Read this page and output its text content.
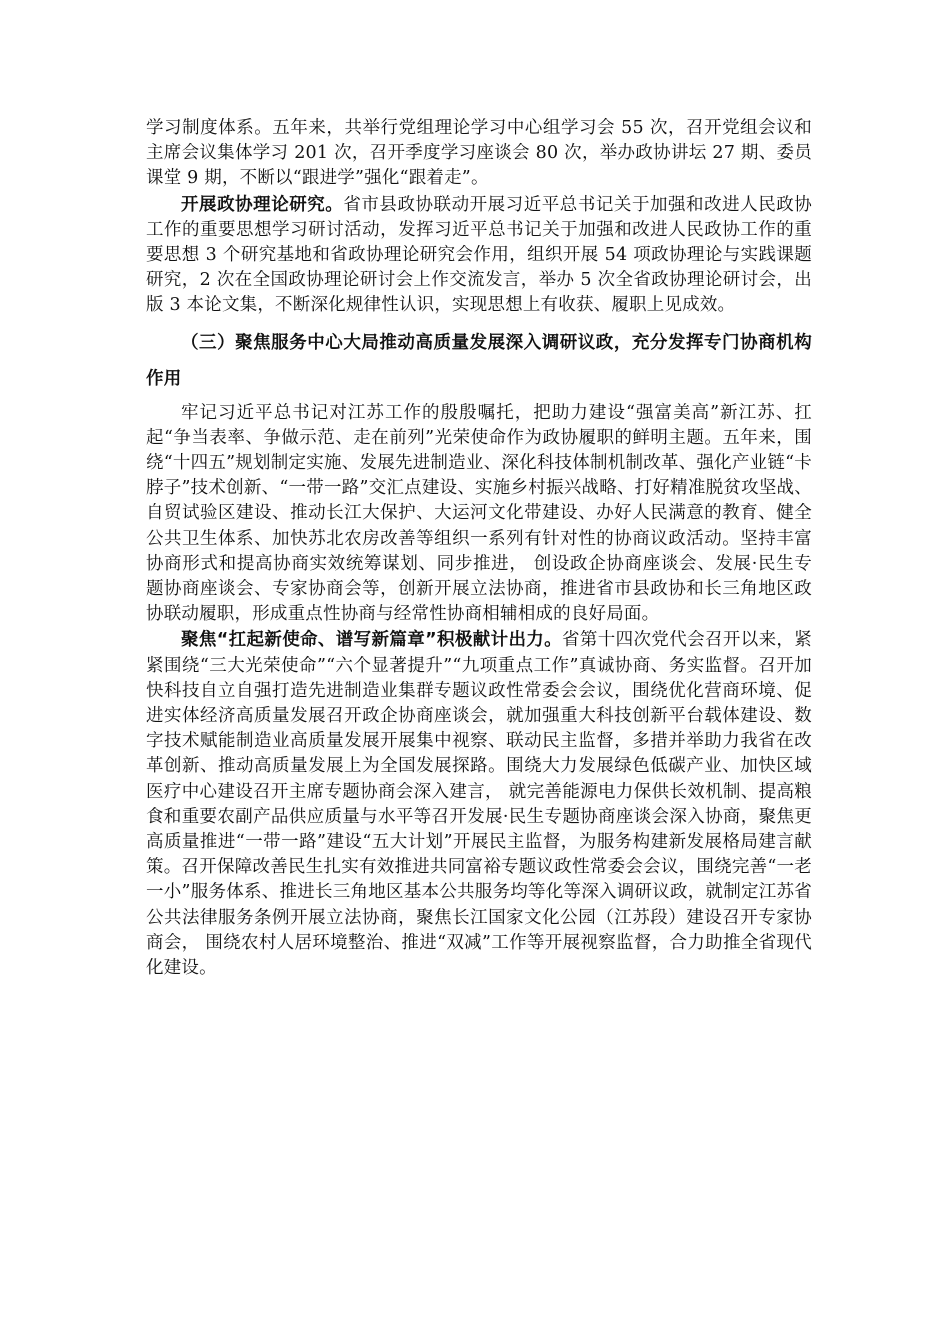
学习制度体系。五年来，共举行党组理论学习中心组学习会 55 次，召开党组会议和主席会议集体学习 201 次，召开季度学习座谈会 80 次，举办政协讲坛 27 期、委员课堂 9 期，不断以“跟进学”强化“跟着走”。

开展政协理论研究。省市县政协联动开展习近平总书记关于加强和改进人民政协工作的重要思想学习研讨活动，发挥习近平总书记关于加强和改进人民政协工作的重要思想 3 个研究基地和省政协理论研究会作用，组织开展 54 项政协理论与实践课题研究，2 次在全国政协理论研讨会上作交流发言，举办 5 次全省政协理论研讨会，出版 3 本论文集，不断深化规律性认识，实现思想上有收获、履职上见成效。

（三）聚焦服务中心大局推动高质量发展深入调研议政，充分发挥专门协商机构作用

牢记习近平总书记对江苏工作的殷殷嘱托，把助力建设“强富美高”新江苏、扛起“争当表率、争做示范、走在前列”光荣使命作为政协履职的鲜明主题。五年来，围绕“十四五”规划制定实施、发展先进制造业、深化科技体制机制改革、强化产业链“卡脖子”技术创新、“一带一路”交汇点建设、实施乡村振兴战略、打好精准脱贫攻坚战、自贸试验区建设、推动长江大保护、大运河文化带建设、办好人民满意的教育、健全公共卫生体系、加快苏北农房改善等组织一系列有针对性的协商议政活动。坚持丰富协商形式和提高协商实效统筹谋划、同步推进， 创设政企协商座谈会、发展·民生专题协商座谈会、专家协商会等，创新开展立法协商，推进省市县政协和长三角地区政协联动履职，形成重点性协商与经常性协商相辅相成的良好局面。

聚焦“扛起新使命、谱写新篇章”积极献计出力。省第十四次党代会召开以来，紧紧围绕“三大光荣使命”“六个显著提升”“九项重点工作”真诚协商、务实监督。召开加快科技自立自强打造先进制造业集群专题议政性常委会会议，围绕优化营商环境、促进实体经济高质量发展召开政企协商座谈会，就加强重大科技创新平台载体建设、数字技术赋能制造业高质量发展开展集中视察、联动民主监督，多措并举助力我省在改革创新、推动高质量发展上为全国发展探路。围绕大力发展绿色低碳产业、加快区域医疗中心建设召开主席专题协商会深入建言， 就完善能源电力保供长效机制、提高粮食和重要农副产品供应质量与水平等召开发展·民生专题协商座谈会深入协商，聚焦更高质量推进“一带一路”建设“五大计划”开展民主监督，为服务构建新发展格局建言献策。召开保障改善民生扎实有效推进共同富裕专题议政性常委会会议，围绕完善“一老一小”服务体系、推进长三角地区基本公共服务均等化等深入调研议政，就制定江苏省公共法律服务条例开展立法协商，聚焦长江国家文化公园（江苏段）建设召开专家协商会， 围绕农村人居环境整治、推进“双减”工作等开展视察监督，合力助推全省现代化建设。
